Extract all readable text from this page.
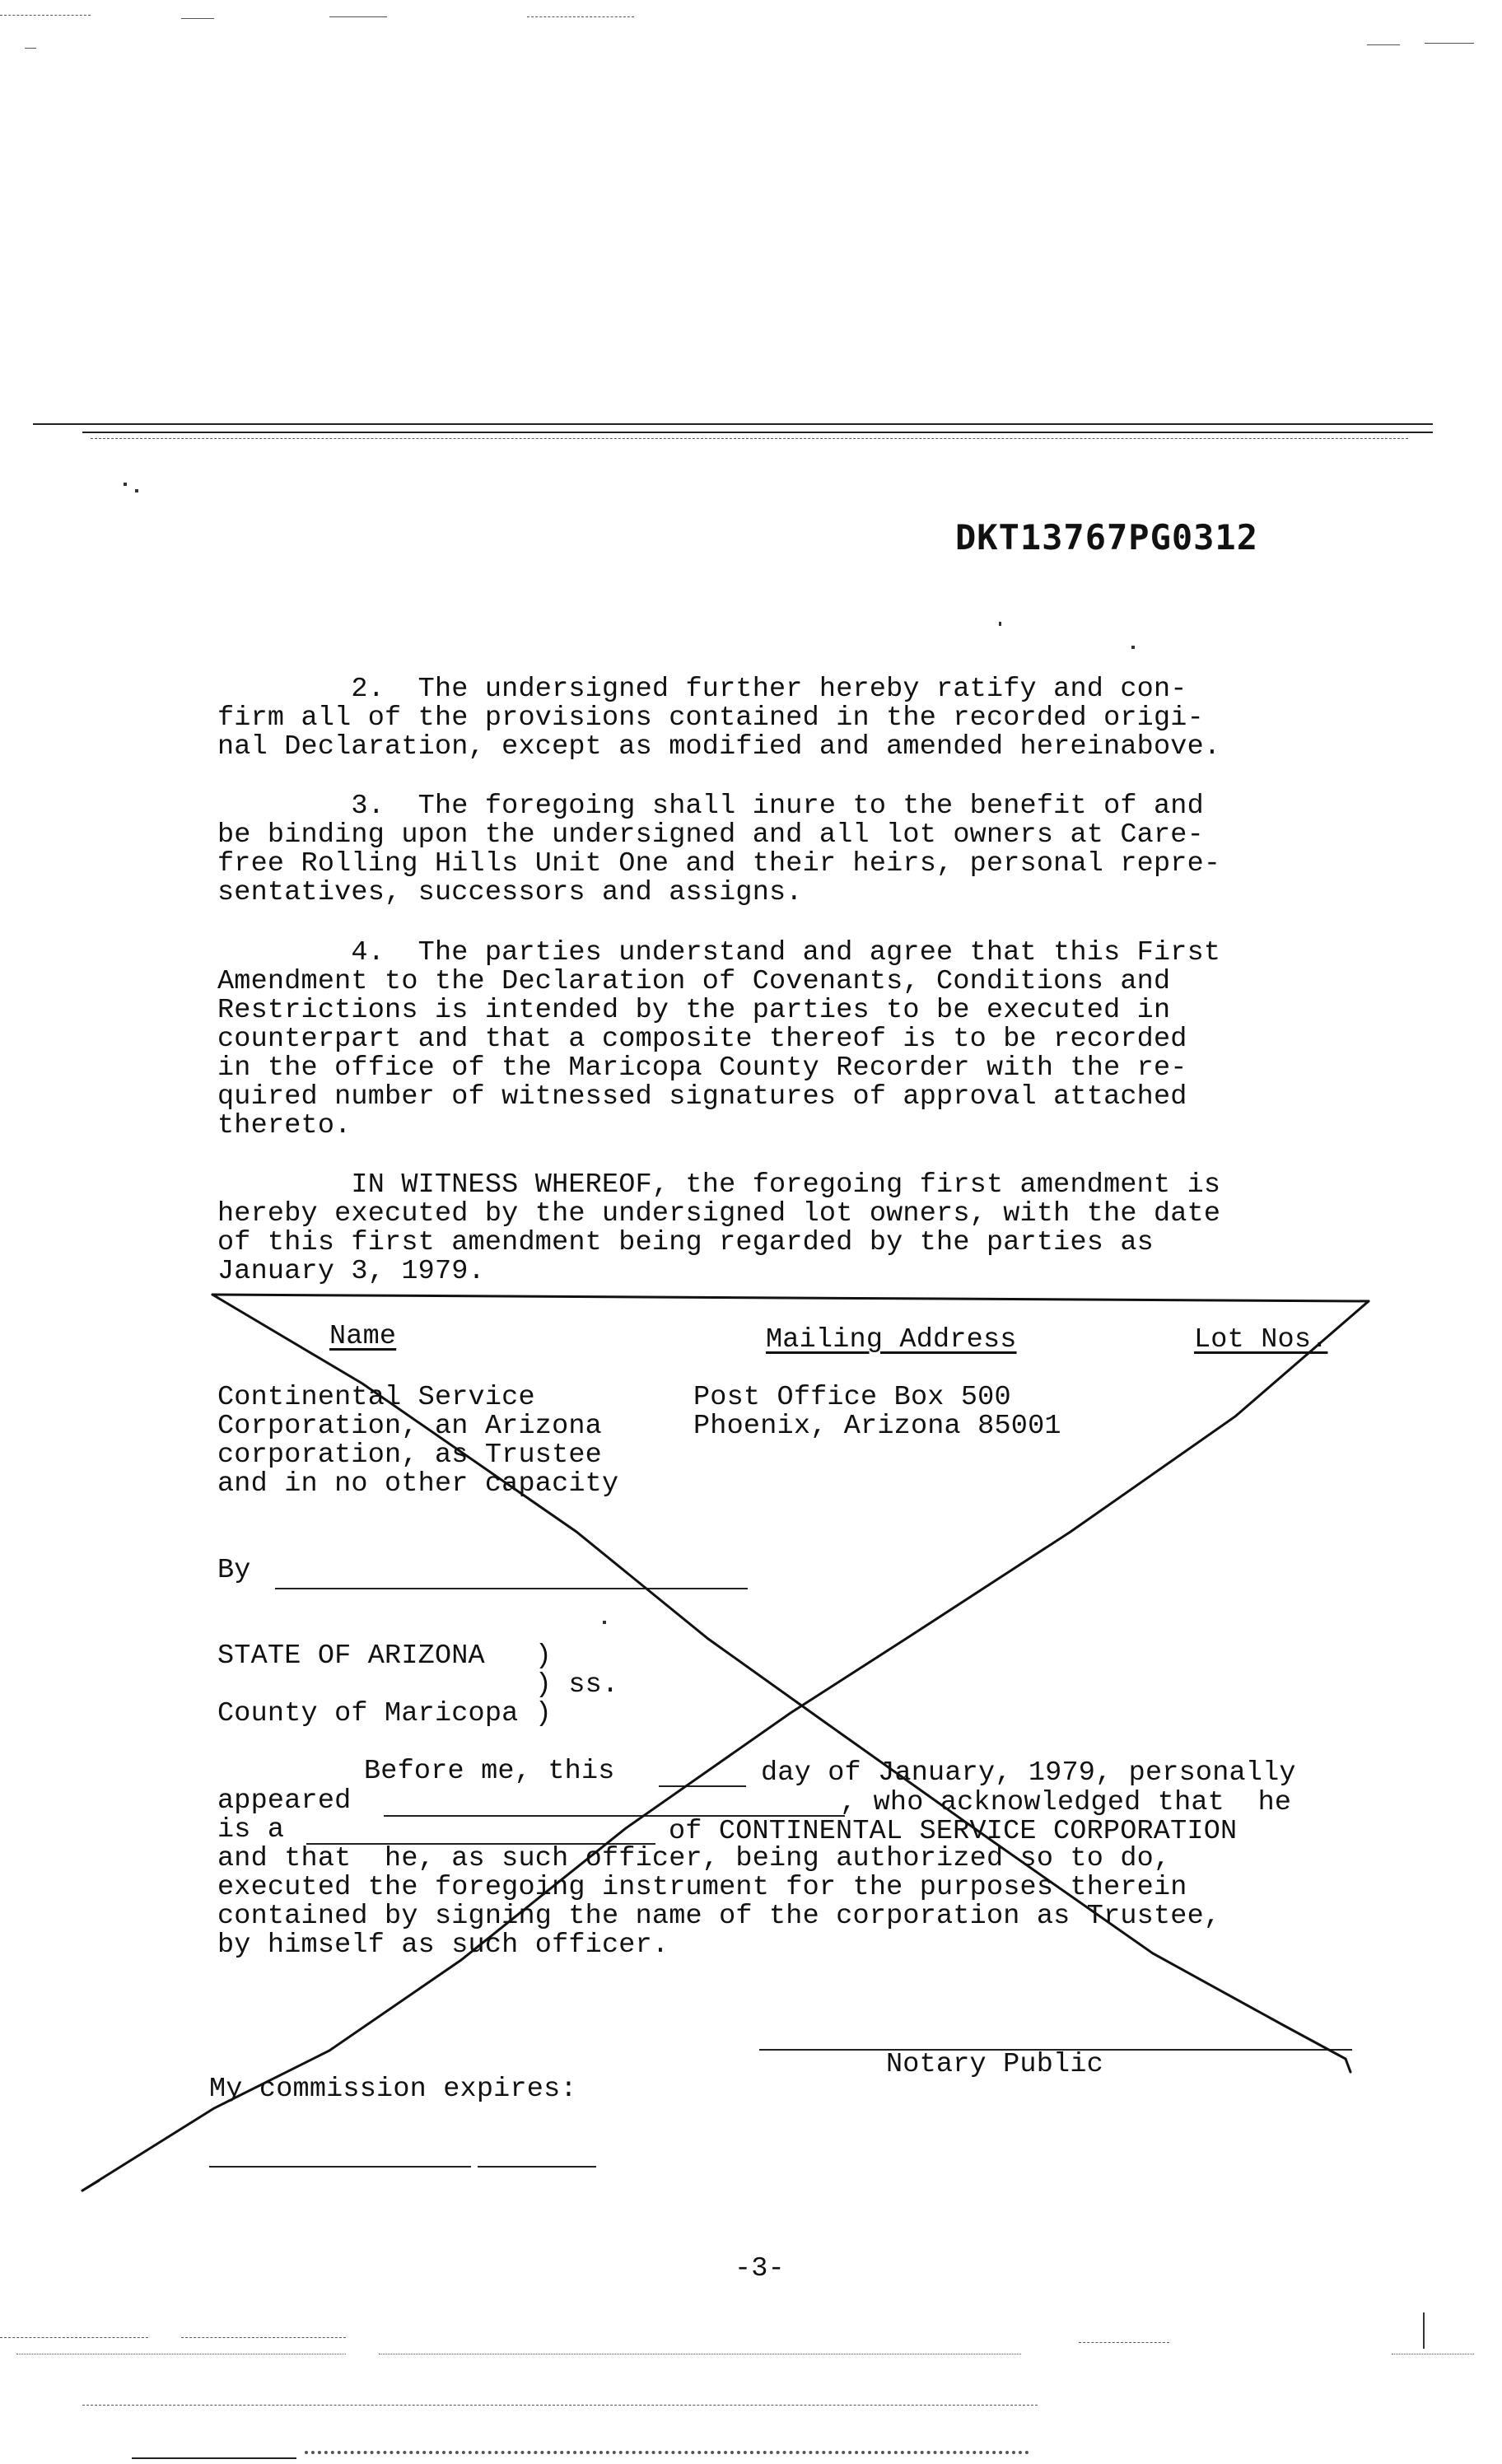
DKT13767PG0312
2.  The undersigned further hereby ratify and con-
firm all of the provisions contained in the recorded origi-
nal Declaration, except as modified and amended hereinabove.
3.  The foregoing shall inure to the benefit of and
be binding upon the undersigned and all lot owners at Care-
free Rolling Hills Unit One and their heirs, personal repre-
sentatives, successors and assigns.
4.  The parties understand and agree that this First
Amendment to the Declaration of Covenants, Conditions and
Restrictions is intended by the parties to be executed in
counterpart and that a composite thereof is to be recorded
in the office of the Maricopa County Recorder with the re-
quired number of witnessed signatures of approval attached
thereto.
IN WITNESS WHEREOF, the foregoing first amendment is
hereby executed by the undersigned lot owners, with the date
of this first amendment being regarded by the parties as
January 3, 1979.
Name	Mailing Address	Lot Nos.
Continental Service
Corporation, an Arizona
corporation, as Trustee
and in no other capacity
Post Office Box 500
Phoenix, Arizona 85001
By
STATE OF ARIZONA   )
) ss.
County of Maricopa )
Before me, this	day of January, 1979, personally
appeared	, who acknowledged that  he
is a	of CONTINENTAL SERVICE CORPORATION
and that  he, as such officer, being authorized so to do,
executed the foregoing instrument for the purposes therein
contained by signing the name of the corporation as Trustee,
by himself as such officer.
Notary Public
My commission expires:
-3-
